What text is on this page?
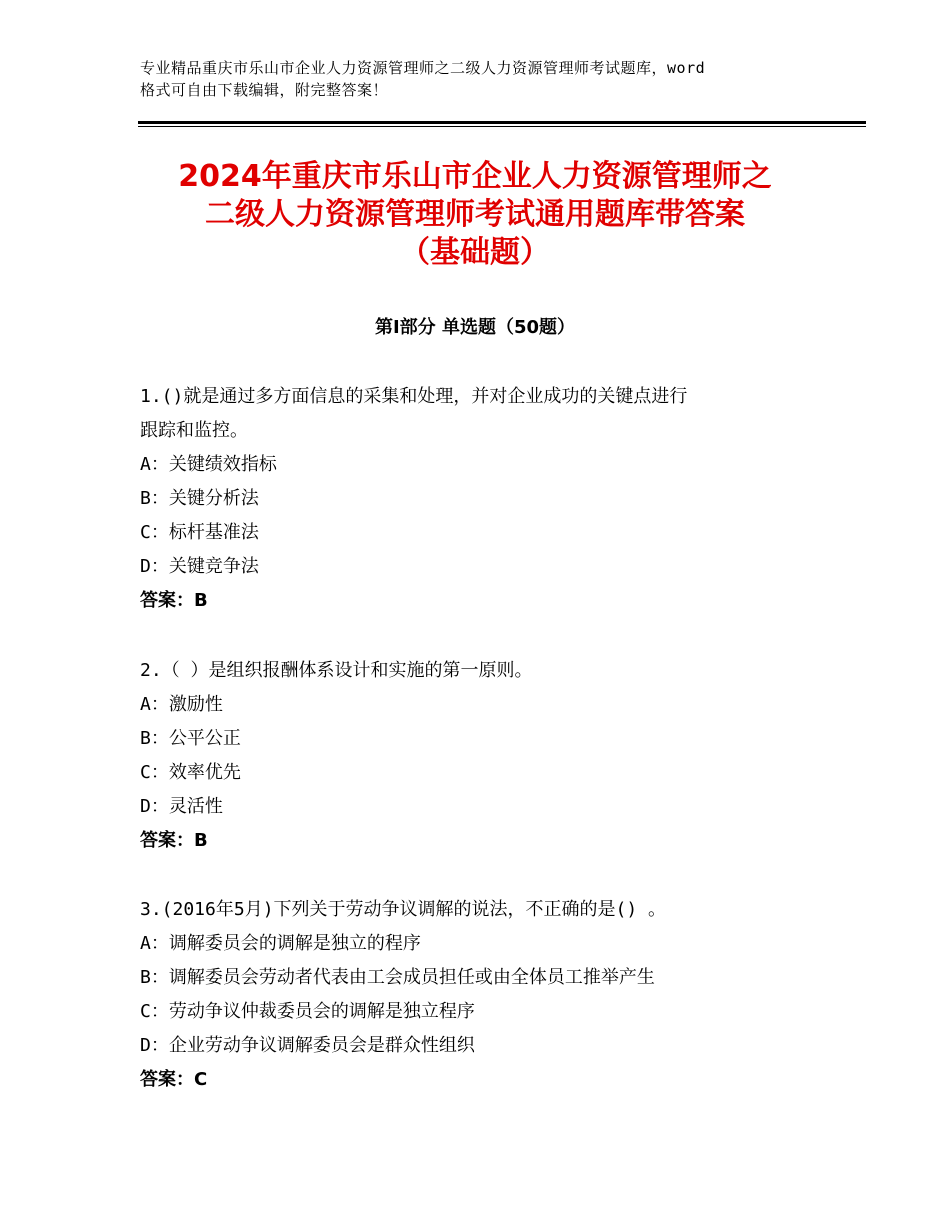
专业精品重庆市乐山市企业人力资源管理师之二级人力资源管理师考试题库，word
格式可自由下载编辑，附完整答案！
2024年重庆市乐山市企业人力资源管理师之
二级人力资源管理师考试通用题库带答案
（基础题）
第Ⅰ部分 单选题（50题）
1.()就是通过多方面信息的采集和处理，并对企业成功的关键点进行
跟踪和监控。
A：关键绩效指标
B：关键分析法
C：标杆基准法
D：关键竞争法
答案：B
2.（ ）是组织报酬体系设计和实施的第一原则。
A：激励性
B：公平公正
C：效率优先
D：灵活性
答案：B
3.(2016年5月)下列关于劳动争议调解的说法，不正确的是() 。
A：调解委员会的调解是独立的程序
B：调解委员会劳动者代表由工会成员担任或由全体员工推举产生
C：劳动争议仲裁委员会的调解是独立程序
D：企业劳动争议调解委员会是群众性组织
答案：C
